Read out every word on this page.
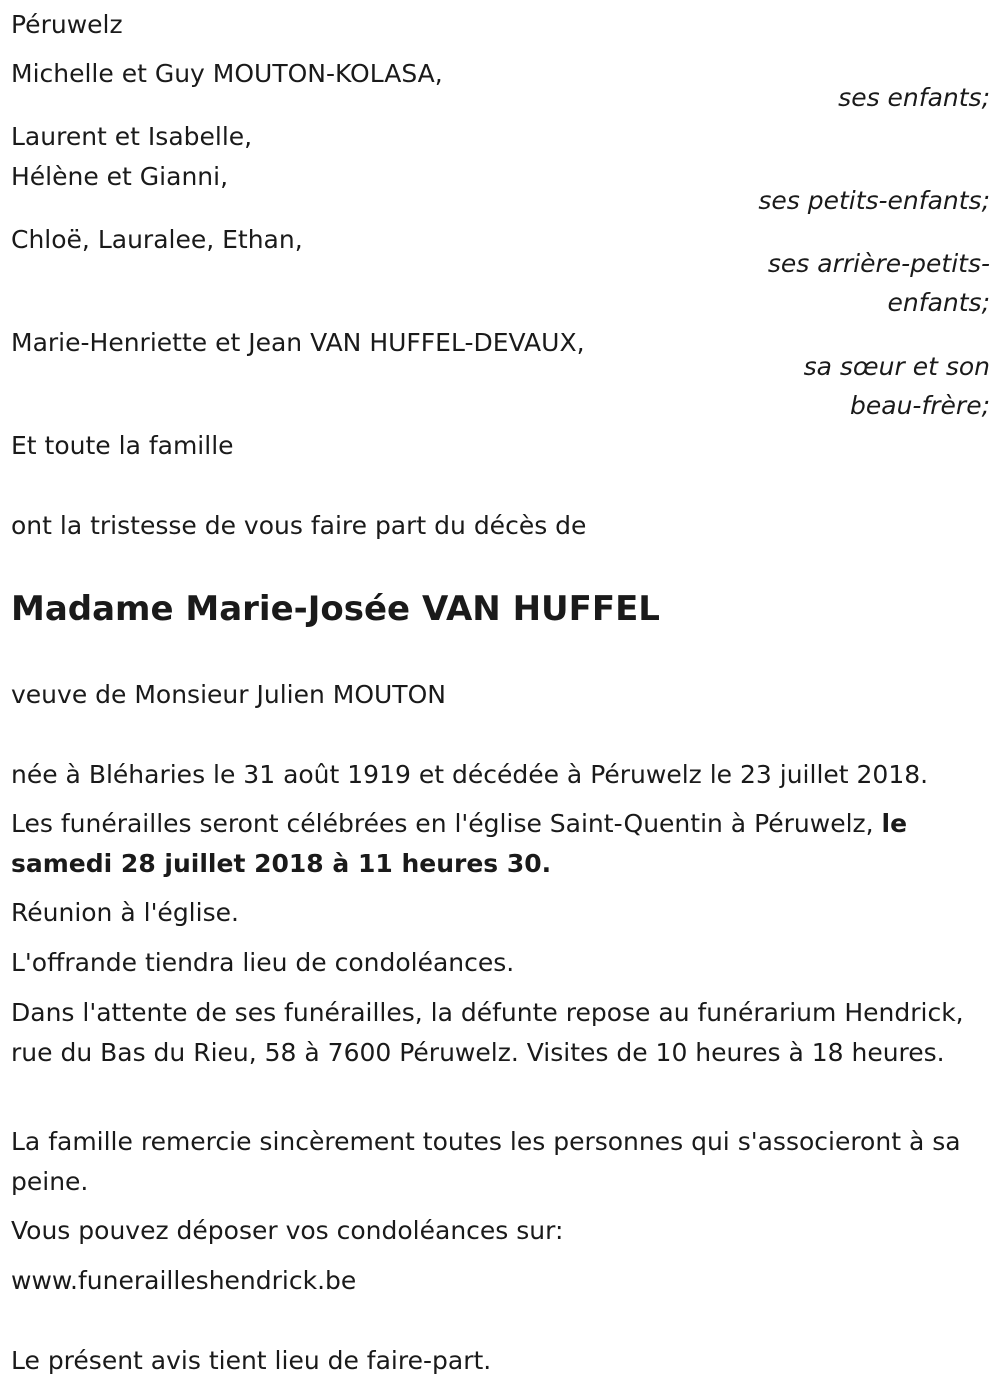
Péruwelz
Michelle et Guy MOUTON-KOLASA,
ses enfants;
Laurent et Isabelle,
Hélène et Gianni,
ses petits-enfants;
Chloë, Lauralee, Ethan,
ses arrière-petits-
enfants;
Marie-Henriette et Jean VAN HUFFEL-DEVAUX,
sa sœur et son
beau-frère;
Et toute la famille
ont la tristesse de vous faire part du décès de
Madame Marie-Josée VAN HUFFEL
veuve de Monsieur Julien MOUTON
née à Bléharies le 31 août 1919 et décédée à Péruwelz le 23 juillet 2018.
Les funérailles seront célébrées en l'église Saint-Quentin à Péruwelz, le samedi 28 juillet 2018 à 11 heures 30.
Réunion à l'église.
L'offrande tiendra lieu de condoléances.
Dans l'attente de ses funérailles, la défunte repose au funérarium Hendrick, rue du Bas du Rieu, 58 à 7600 Péruwelz. Visites de 10 heures à 18 heures.
La famille remercie sincèrement toutes les personnes qui s'associeront à sa peine.
Vous pouvez déposer vos condoléances sur:
www.funerailleshendrick.be
Le présent avis tient lieu de faire-part.
